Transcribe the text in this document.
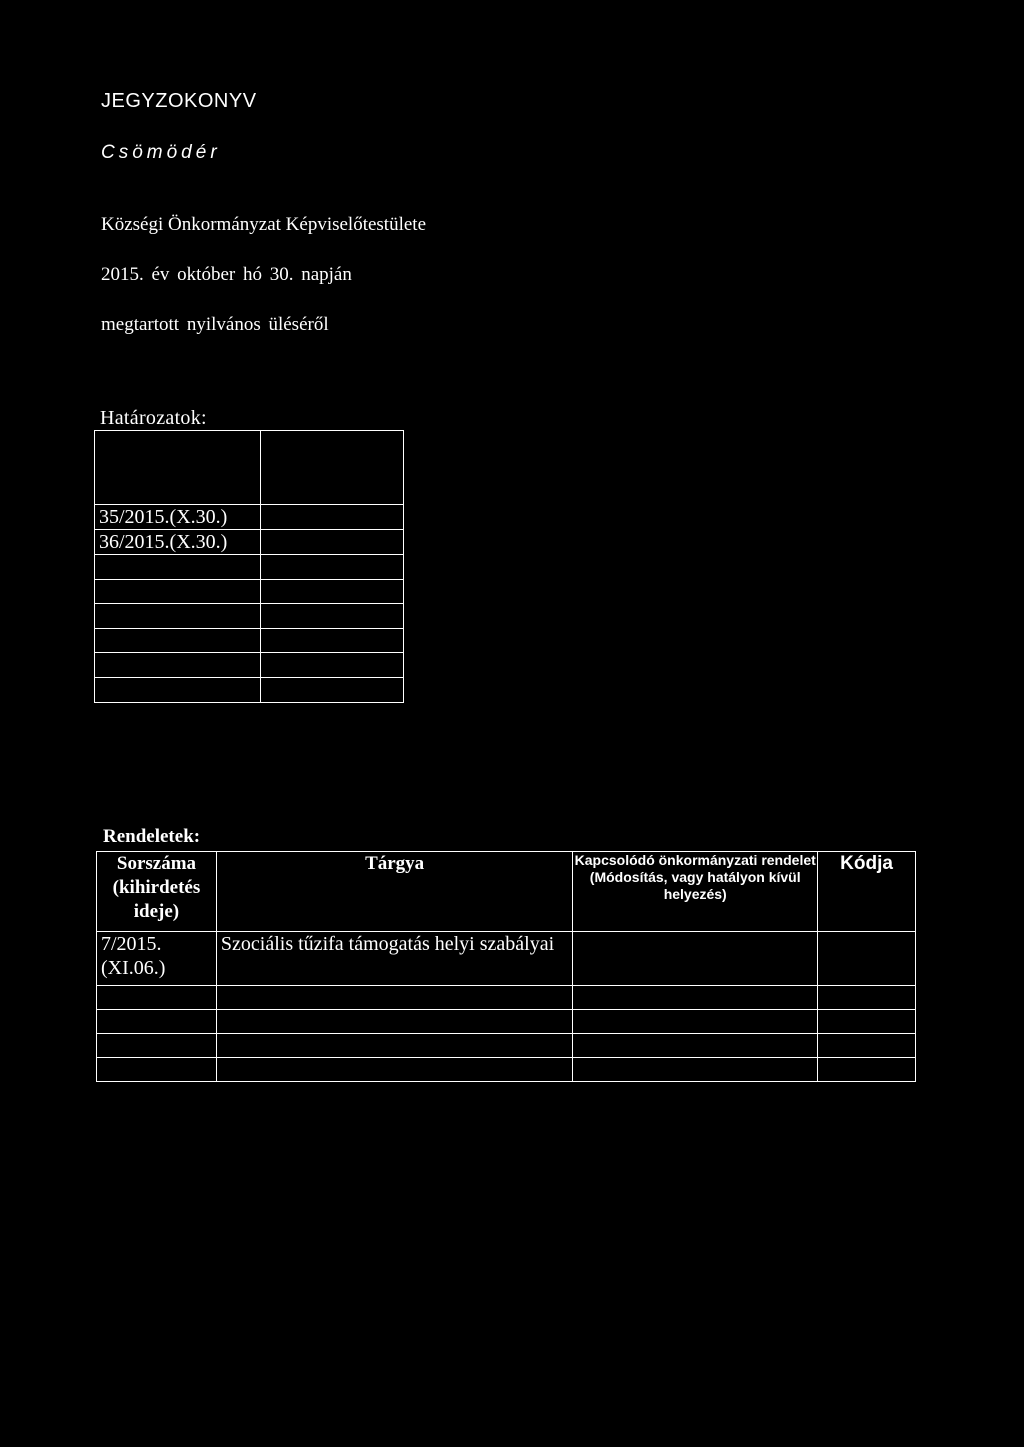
JEGYZOKONYV
Csömödér
Községi Önkormányzat Képviselőtestülete
2015. év október hó 30. napján
megtartott nyilvános üléséről
Határozatok:

35/2015.(X.30.)	
36/2015.(X.30.)	

Rendeletek:
Sorszáma (kihirdetés ideje)	Tárgya	Kapcsolódó önkormányzati rendelet (Módosítás, vagy hatályon kívül helyezés)	Kódja
7/2015. (XI.06.)	Szociális tűzifa támogatás helyi szabályai		
